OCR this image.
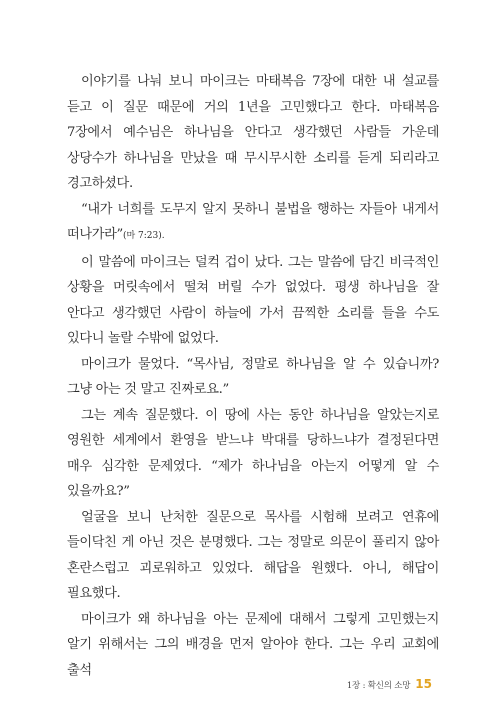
이야기를 나눠 보니 마이크는 마태복음 7장에 대한 내 설교를 듣고 이 질문 때문에 거의 1년을 고민했다고 한다. 마태복음 7장에서 예수님은 하나님을 안다고 생각했던 사람들 가운데 상당수가 하나님을 만났을 때 무시무시한 소리를 듣게 되리라고 경고하셨다.

“내가 너희를 도무지 알지 못하니 불법을 행하는 자들아 내게서 떠나가라”(마 7:23).

이 말씀에 마이크는 덜컥 겁이 났다. 그는 말씀에 담긴 비극적인 상황을 머릿속에서 떨쳐 버릴 수가 없었다. 평생 하나님을 잘 안다고 생각했던 사람이 하늘에 가서 끔찍한 소리를 들을 수도 있다니 놀랄 수밖에 없었다.

마이크가 물었다. “목사님, 정말로 하나님을 알 수 있습니까? 그냥 아는 것 말고 진짜로요.”

그는 계속 질문했다. 이 땅에 사는 동안 하나님을 알았는지로 영원한 세계에서 환영을 받느냐 박대를 당하느냐가 결정된다면 매우 심각한 문제였다. “제가 하나님을 아는지 어떻게 알 수 있을까요?”

얼굴을 보니 난처한 질문으로 목사를 시험해 보려고 연휴에 들이닥친 게 아닌 것은 분명했다. 그는 정말로 의문이 풀리지 않아 혼란스럽고 괴로워하고 있었다. 해답을 원했다. 아니, 해답이 필요했다.

마이크가 왜 하나님을 아는 문제에 대해서 그렇게 고민했는지 알기 위해서는 그의 배경을 먼저 알아야 한다. 그는 우리 교회에 출석

1장 : 확신의 소망 15
